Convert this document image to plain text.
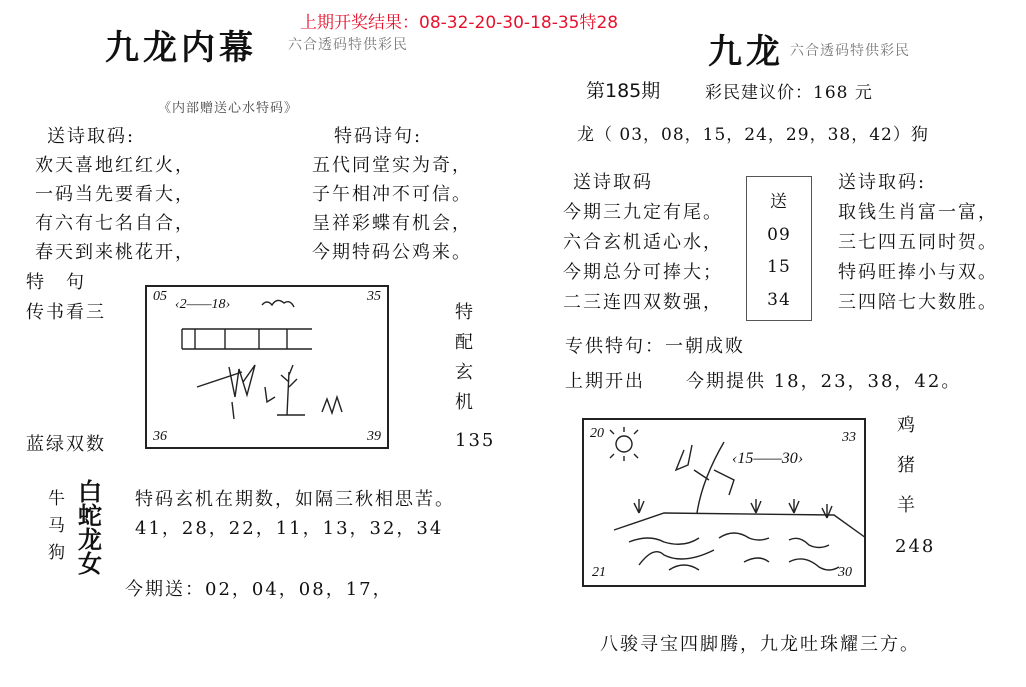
上期开奖结果：08-32-20-30-18-35特28
九龙内幕 六合透码特供彩民
《内部赠送心水特码》
送诗取码:
欢天喜地红红火，
一码当先要看大，
有六有七名自合，
春天到来桃花开，
特码诗句:
五代同堂实为奇，
子午相冲不可信。
呈祥彩蝶有机会，
今期特码公鸡来。
特　句
传书看三
蓝绿双数
05	35
36	39
‹2——18›	特
配
玄
机
135
牛
马
狗
白
蛇
龙
女
特码玄机在期数，如隔三秋相思苦。
41，28，22，11，13，32，34
今期送：02，04，08，17，
九龙 六合透码特供彩民
第185期	彩民建议价：168 元
龙（ 03，08，15，24，29，38，42）狗
送诗取码
今期三九定有尾。
六合玄机适心水，
今期总分可捧大；
二三连四双数强，
送
09
15
34
送诗取码:
取钱生肖富一富，
三七四五同时贺。
特码旺捧小与双。
三四陪七大数胜。
专供特句：一朝成败
上期开出 今期提供 18，23，38，42。
20	33
21	30
‹15——30›
鸡
猪
羊
248
八骏寻宝四脚腾，九龙吐珠耀三方。
